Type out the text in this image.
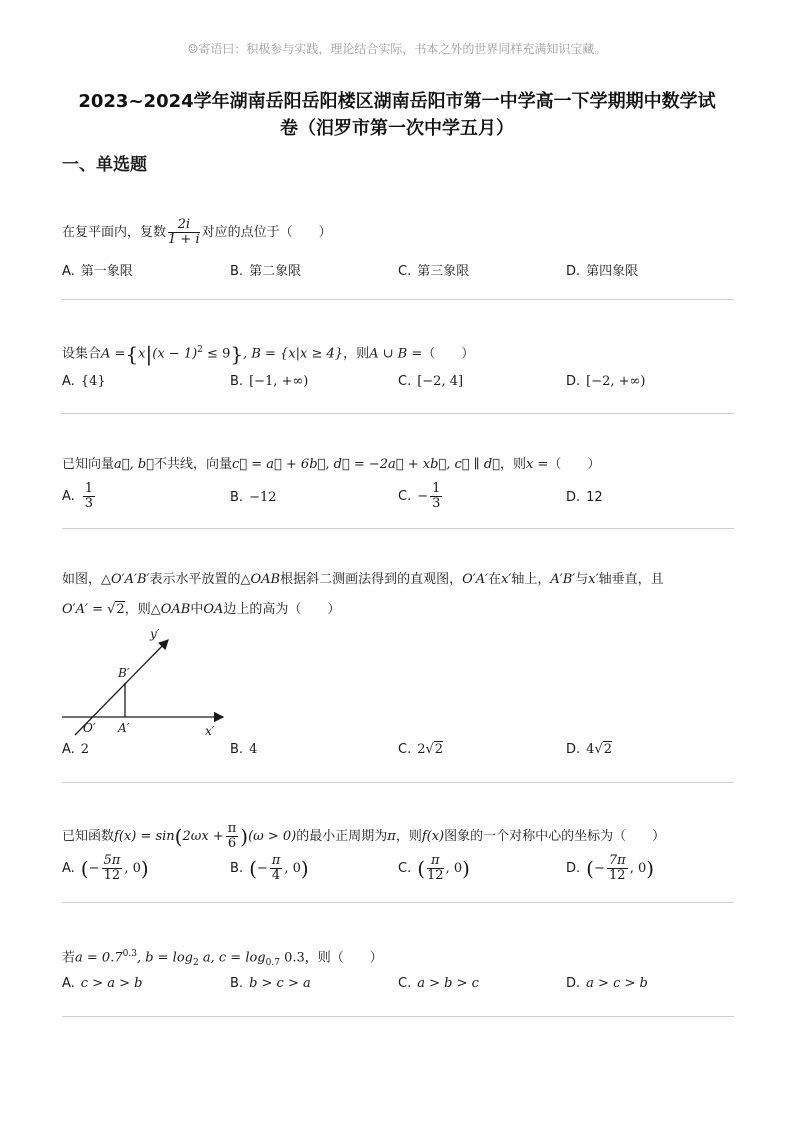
☺寄语曰：积极参与实践，理论结合实际，书本之外的世界同样充满知识宝藏。
2023~2024学年湖南岳阳岳阳楼区湖南岳阳市第一中学高一下学期期中数学试
卷（汨罗市第一次中学五月）
一、单选题
在复平面内，复数 $\frac{2i}{1 + i}$ 对应的点位于（　　）
A. 第一象限	B. 第二象限	C. 第三象限	D. 第四象限
设集合$A =\{x|(x - 1)^2 \le 9\}$, B = {x|x ≥ 4}，则A ∪ B =（　　）
A. {4}	B. [−1, +∞)	C. [−2, 4]	D. [−2, +∞)
已知向量a⃗, b⃗不共线，向量c⃗ = a⃗ + 6b⃗, d⃗ = −2a⃗ + xb⃗, c⃗ ∥ d⃗，则x =（　　）
A. $\frac{1}{3}$	B. −12	C. − $\frac{1}{3}$	D. 12
如图，△O′A′B′表示水平放置的△OAB根据斜二测画法得到的直观图，O′A′在x′轴上，A′B′与x′轴垂直，且
O′A′ = √2，则△OAB中OA边上的高为（　　）
y′
B′
O′ A′	x′
A. 2	B. 4	C. 2√2	D. 4√2
已知函数$f(x) = \sin(2\omega x + \frac{\pi}{6} )(\omega > 0)$的最小正周期为π，则f(x)图象的一个对称中心的坐标为（　　）
A. (− $\frac{5\pi}{12}$ , 0)	B. (− $\frac{\pi}{4}$ , 0)	C. ( $\frac{\pi}{12}$ , 0)	D. (− $\frac{7\pi}{12}$ , 0)
若$a = 0.7^{0.3}$, $b = \log_2 a$, $c = \log_{0.7} 0.3$，则（　　）
A. c > a > b	B. b > c > a	C. a > b > c	D. a > c > b
